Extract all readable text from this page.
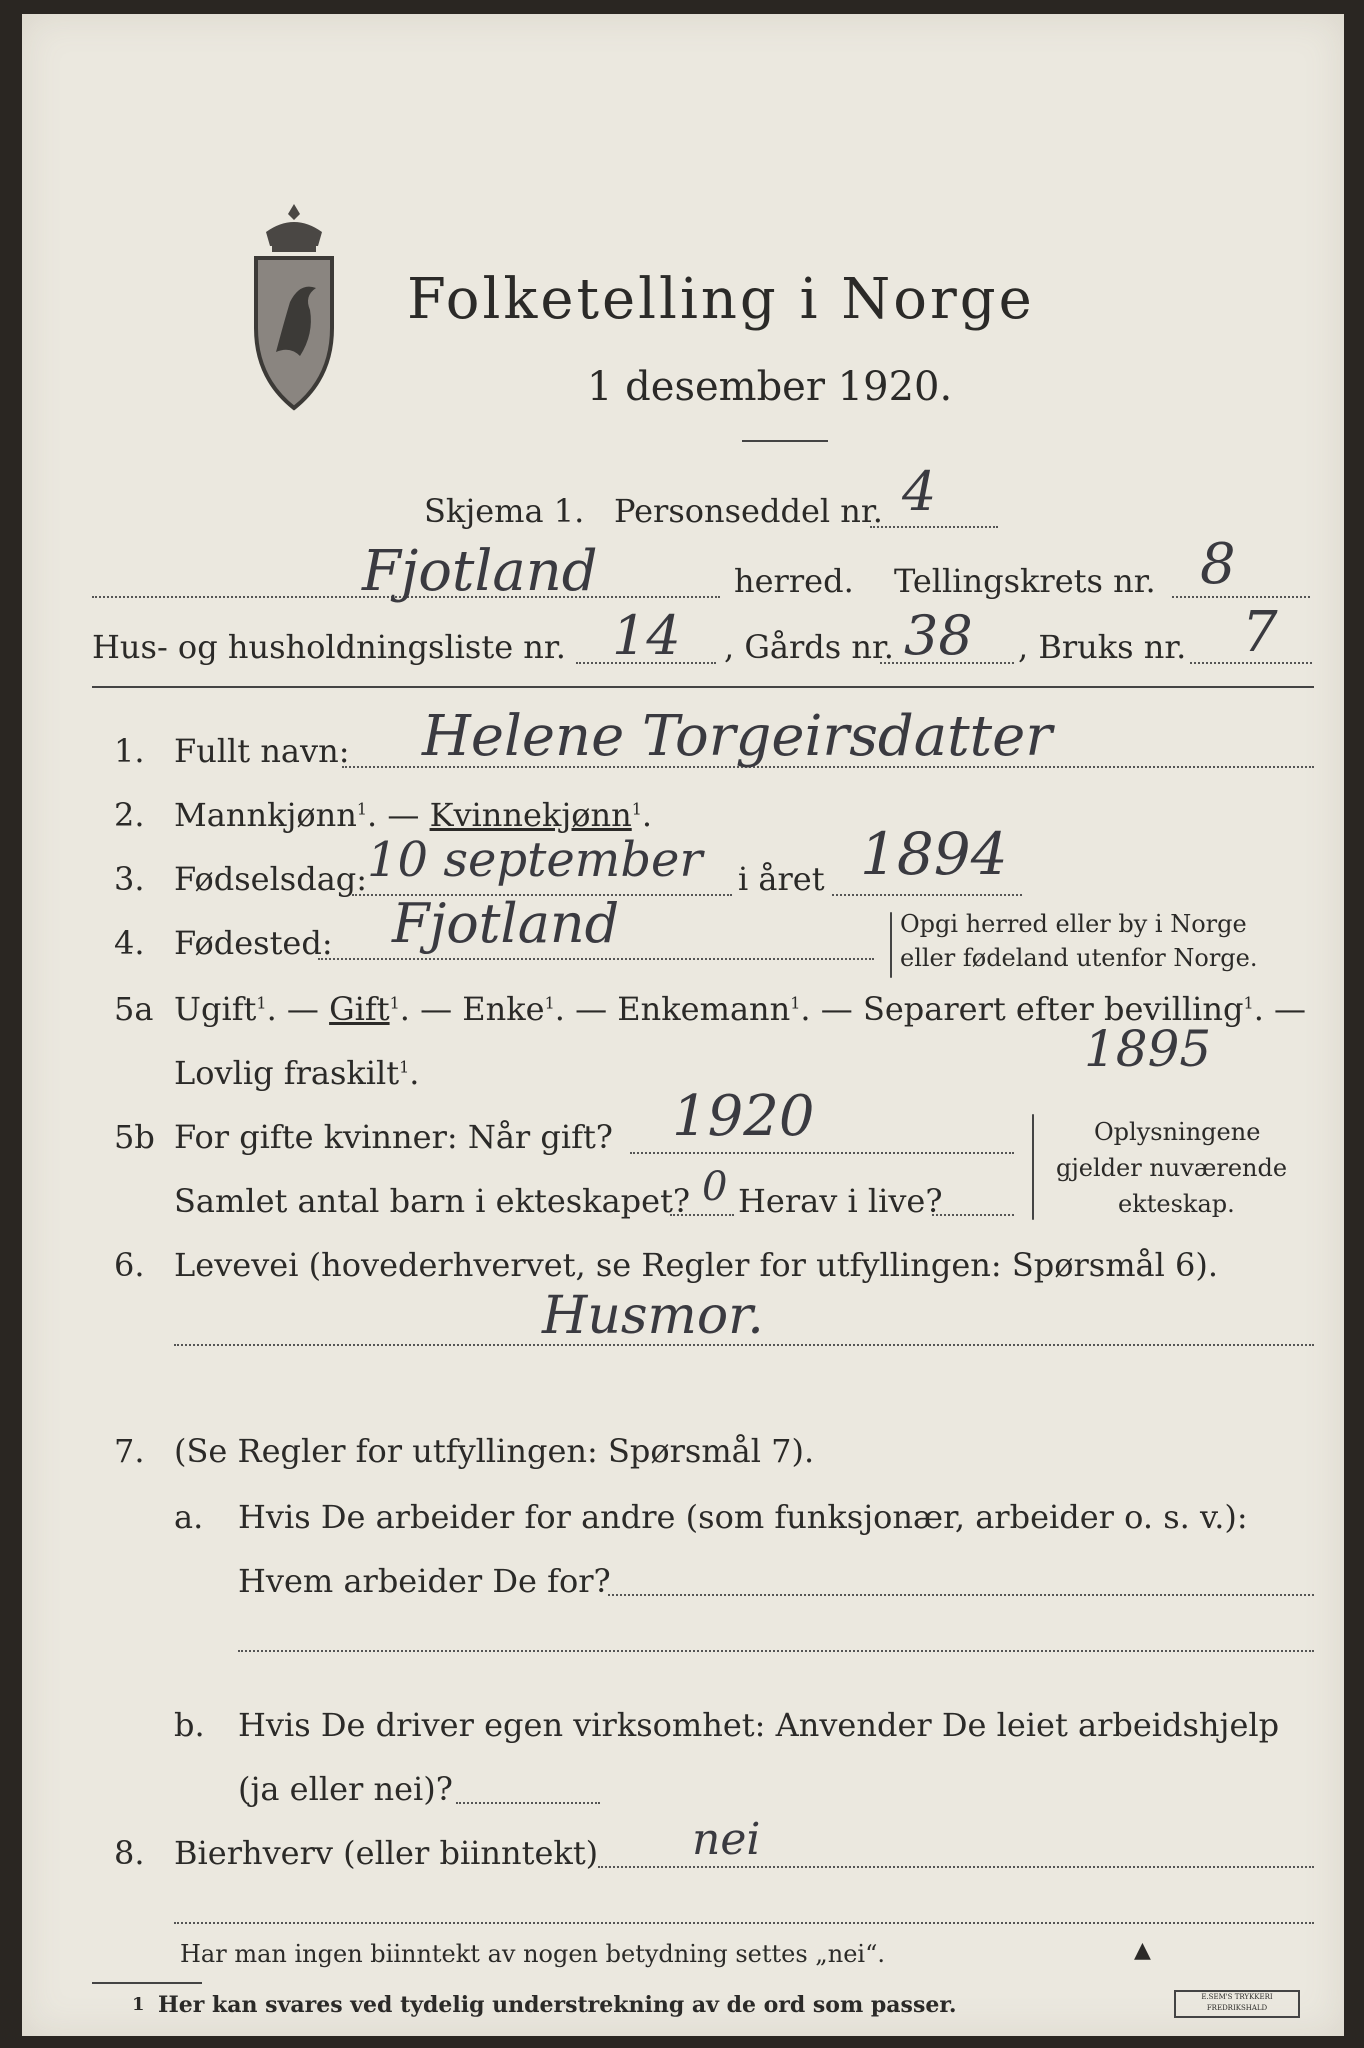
Folketelling i Norge
1 desember 1920.
Skjema 1. Personseddel nr. 4
Fjotland	herred. Tellingskrets nr. 8
Hus- og husholdningsliste nr. 14 , Gårds nr. 38 , Bruks nr. 7
1. Fullt navn: Helene Torgeirsdatter
2. Mannkjønn$^1$. — Kvinnekjønn$^1$.
3. Fødselsdag: 10 september i året 1894
4. Fødested: Fjotland	Opgi herred eller by i Norge
eller fødeland utenfor Norge.
5a Ugift$^1$. — Gift$^1$. — Enke$^1$. — Enkemann$^1$. — Separert efter bevilling$^1$. —
Lovlig fraskilt$^1$.	1895
5b For gifte kvinner: Når gift? 1920
Samlet antal barn i ekteskapet? 0 Herav i live?
Oplysningene
gjelder nuværende
ekteskap.
6. Levevei (hovederhvervet, se Regler for utfyllingen: Spørsmål 6).
Husmor.
7. (Se Regler for utfyllingen: Spørsmål 7).
a. Hvis De arbeider for andre (som funksjonær, arbeider o. s. v.):
Hvem arbeider De for?
b. Hvis De driver egen virksomhet: Anvender De leiet arbeidshjelp
(ja eller nei)?
8. Bierhverv (eller biinntekt) nei
Har man ingen biinntekt av nogen betydning settes „nei“.	▲
1 Her kan svares ved tydelig understrekning av de ord som passer.	E.SEM'S TRYKKERI FREDRIKSHALD
